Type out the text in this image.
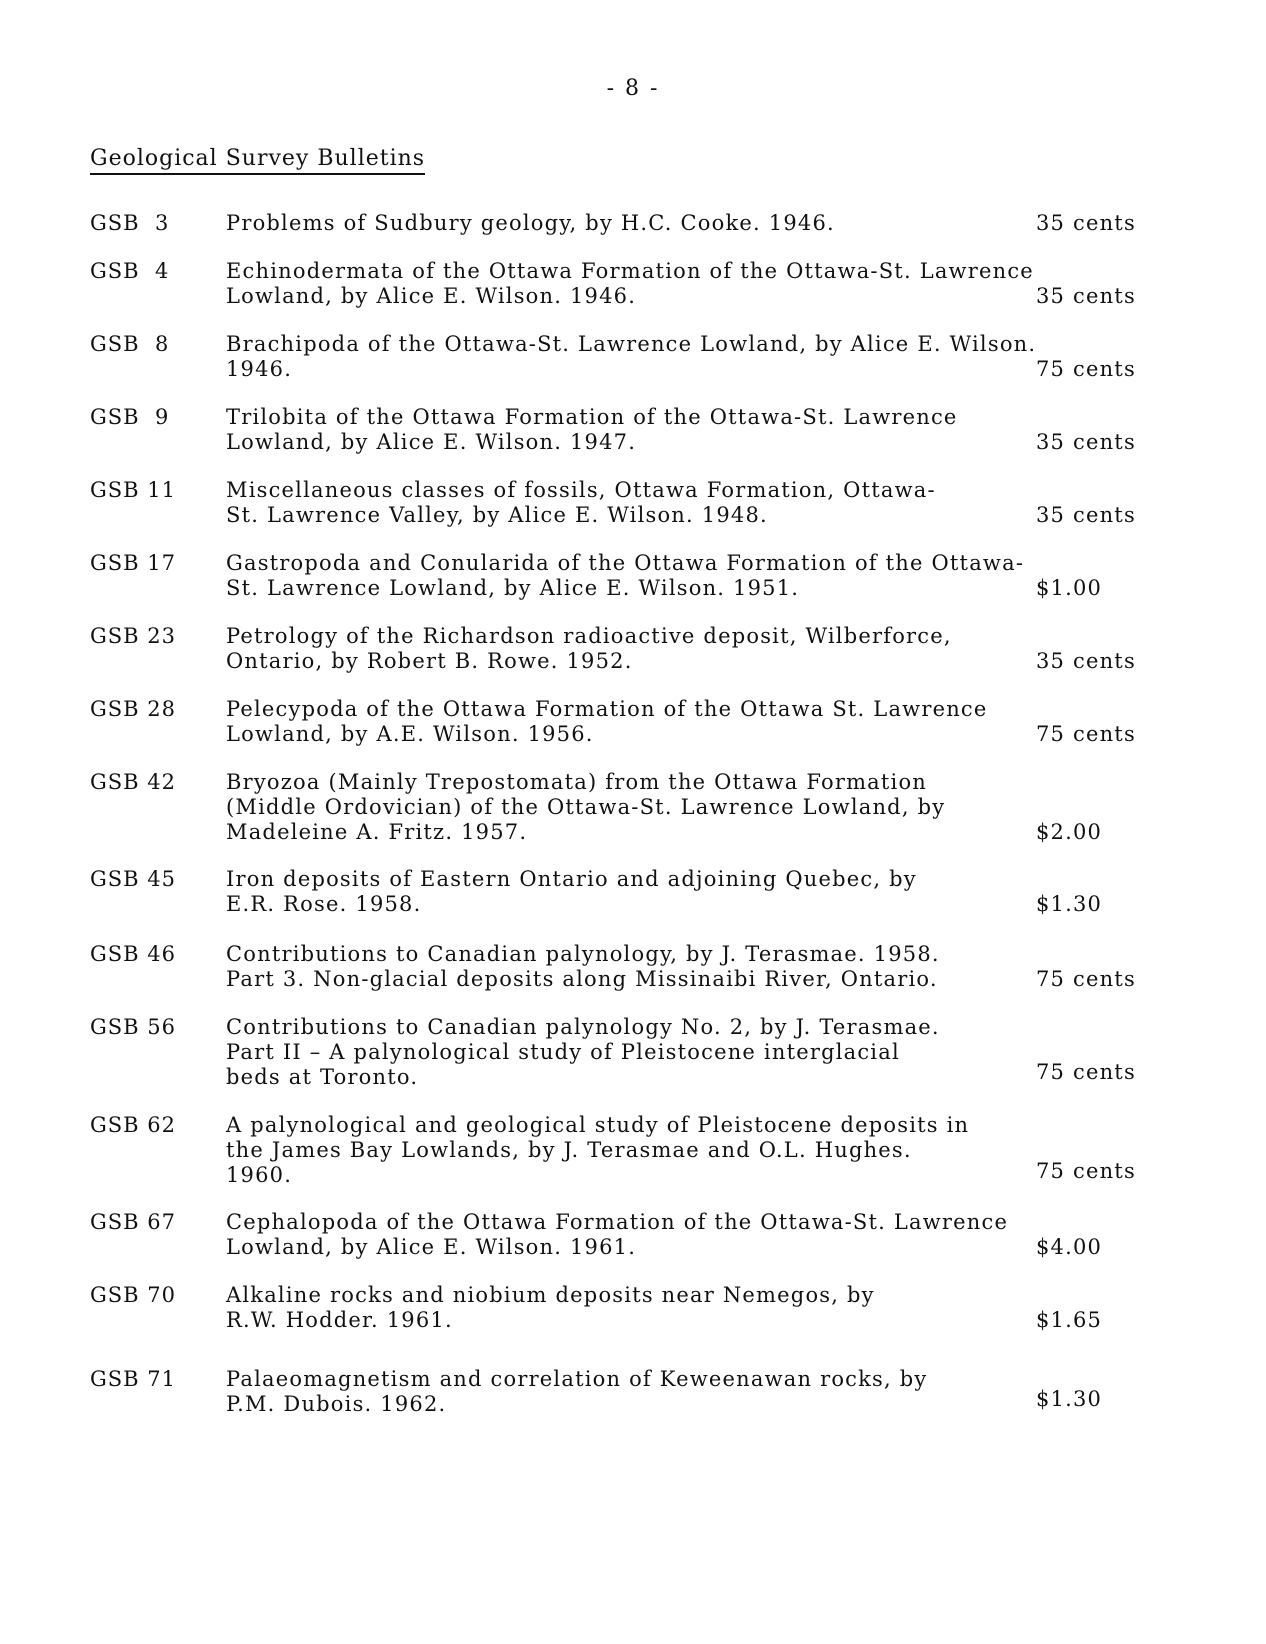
- 8 -
Geological Survey Bulletins
GSB  3	Problems of Sudbury geology, by H.C. Cooke. 1946.	35 cents
GSB  4	Echinodermata of the Ottawa Formation of the Ottawa-St. Lawrence
Lowland, by Alice E. Wilson. 1946.	35 cents
GSB  8	Brachipoda of the Ottawa-St. Lawrence Lowland, by Alice E. Wilson.
1946.	75 cents
GSB  9	Trilobita of the Ottawa Formation of the Ottawa-St. Lawrence
Lowland, by Alice E. Wilson. 1947.	35 cents
GSB 11	Miscellaneous classes of fossils, Ottawa Formation, Ottawa-
St. Lawrence Valley, by Alice E. Wilson. 1948.	35 cents
GSB 17	Gastropoda and Conularida of the Ottawa Formation of the Ottawa-
St. Lawrence Lowland, by Alice E. Wilson. 1951.	$1.00
GSB 23	Petrology of the Richardson radioactive deposit, Wilberforce,
Ontario, by Robert B. Rowe. 1952.	35 cents
GSB 28	Pelecypoda of the Ottawa Formation of the Ottawa St. Lawrence
Lowland, by A.E. Wilson. 1956.	75 cents
GSB 42	Bryozoa (Mainly Trepostomata) from the Ottawa Formation
(Middle Ordovician) of the Ottawa-St. Lawrence Lowland, by
Madeleine A. Fritz. 1957.	$2.00
GSB 45	Iron deposits of Eastern Ontario and adjoining Quebec, by
E.R. Rose. 1958.	$1.30
GSB 46	Contributions to Canadian palynology, by J. Terasmae. 1958.
Part 3. Non-glacial deposits along Missinaibi River, Ontario.	75 cents
GSB 56	Contributions to Canadian palynology No. 2, by J. Terasmae.
Part II – A palynological study of Pleistocene interglacial
beds at Toronto.	75 cents
GSB 62	A palynological and geological study of Pleistocene deposits in
the James Bay Lowlands, by J. Terasmae and O.L. Hughes.
1960.	75 cents
GSB 67	Cephalopoda of the Ottawa Formation of the Ottawa-St. Lawrence
Lowland, by Alice E. Wilson. 1961.	$4.00
GSB 70	Alkaline rocks and niobium deposits near Nemegos, by
R.W. Hodder. 1961.	$1.65
GSB 71	Palaeomagnetism and correlation of Keweenawan rocks, by
P.M. Dubois. 1962.	$1.30
